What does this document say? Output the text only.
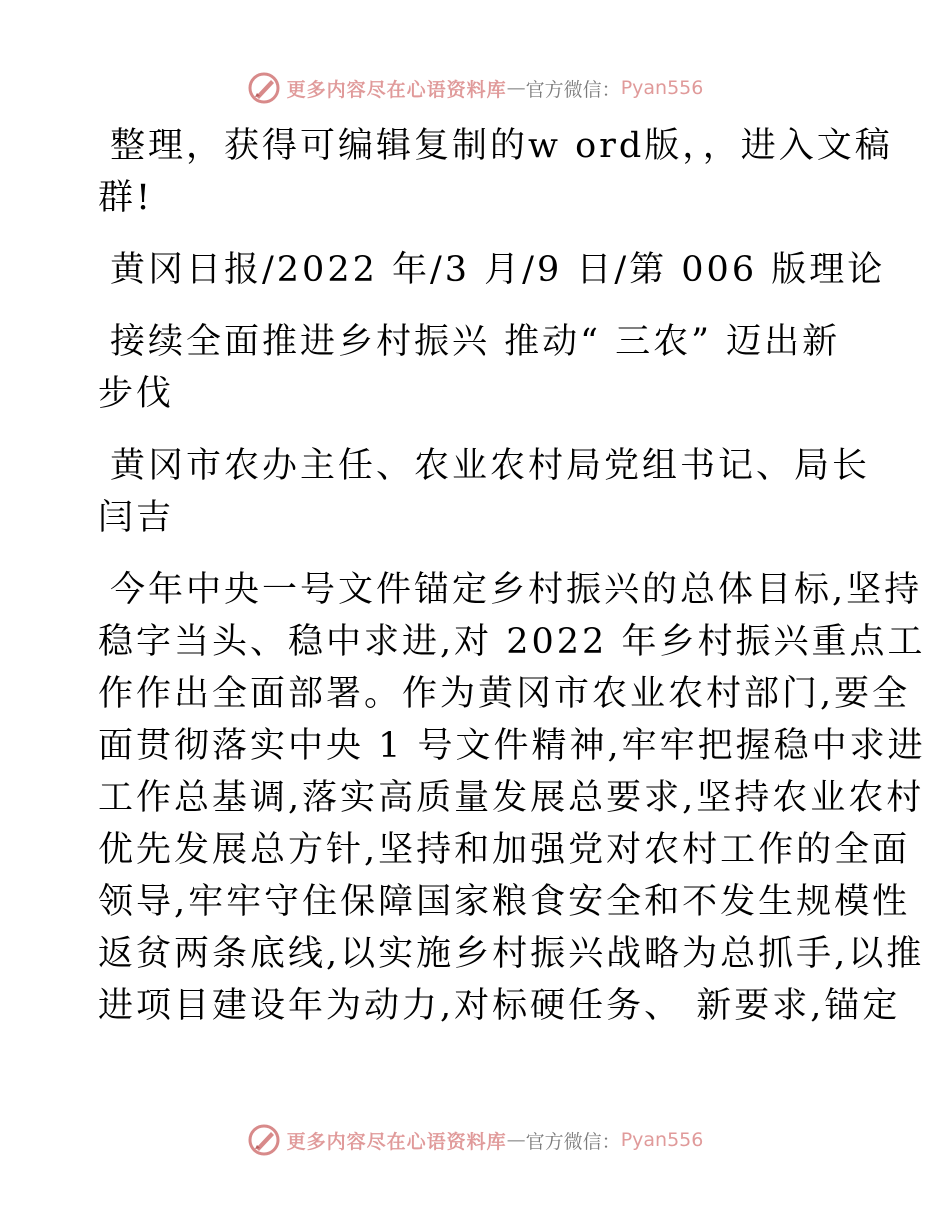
更多内容尽在心语资料库 — 官方微信： Pyan556

整理，获得可编辑复制的w ord版，，进入文稿

群!

黄冈日报/2022 年/3 月/9 日/第 006 版理论

接续全面推进乡村振兴 推动“ 三农” 迈出新

步伐

黄冈市农办主任、农业农村局党组书记、局长

闫吉

今年中央一号文件锚定乡村振兴的总体目标,坚持

稳字当头、稳中求进,对 2022 年乡村振兴重点工

作作出全面部署。作为黄冈市农业农村部门,要全

面贯彻落实中央 1 号文件精神,牢牢把握稳中求进

工作总基调,落实高质量发展总要求,坚持农业农村

优先发展总方针,坚持和加强党对农村工作的全面

领导,牢牢守住保障国家粮食安全和不发生规模性

返贫两条底线,以实施乡村振兴战略为总抓手,以推

进项目建设年为动力,对标硬任务、 新要求,锚定

更多内容尽在心语资料库 — 官方微信： Pyan556
